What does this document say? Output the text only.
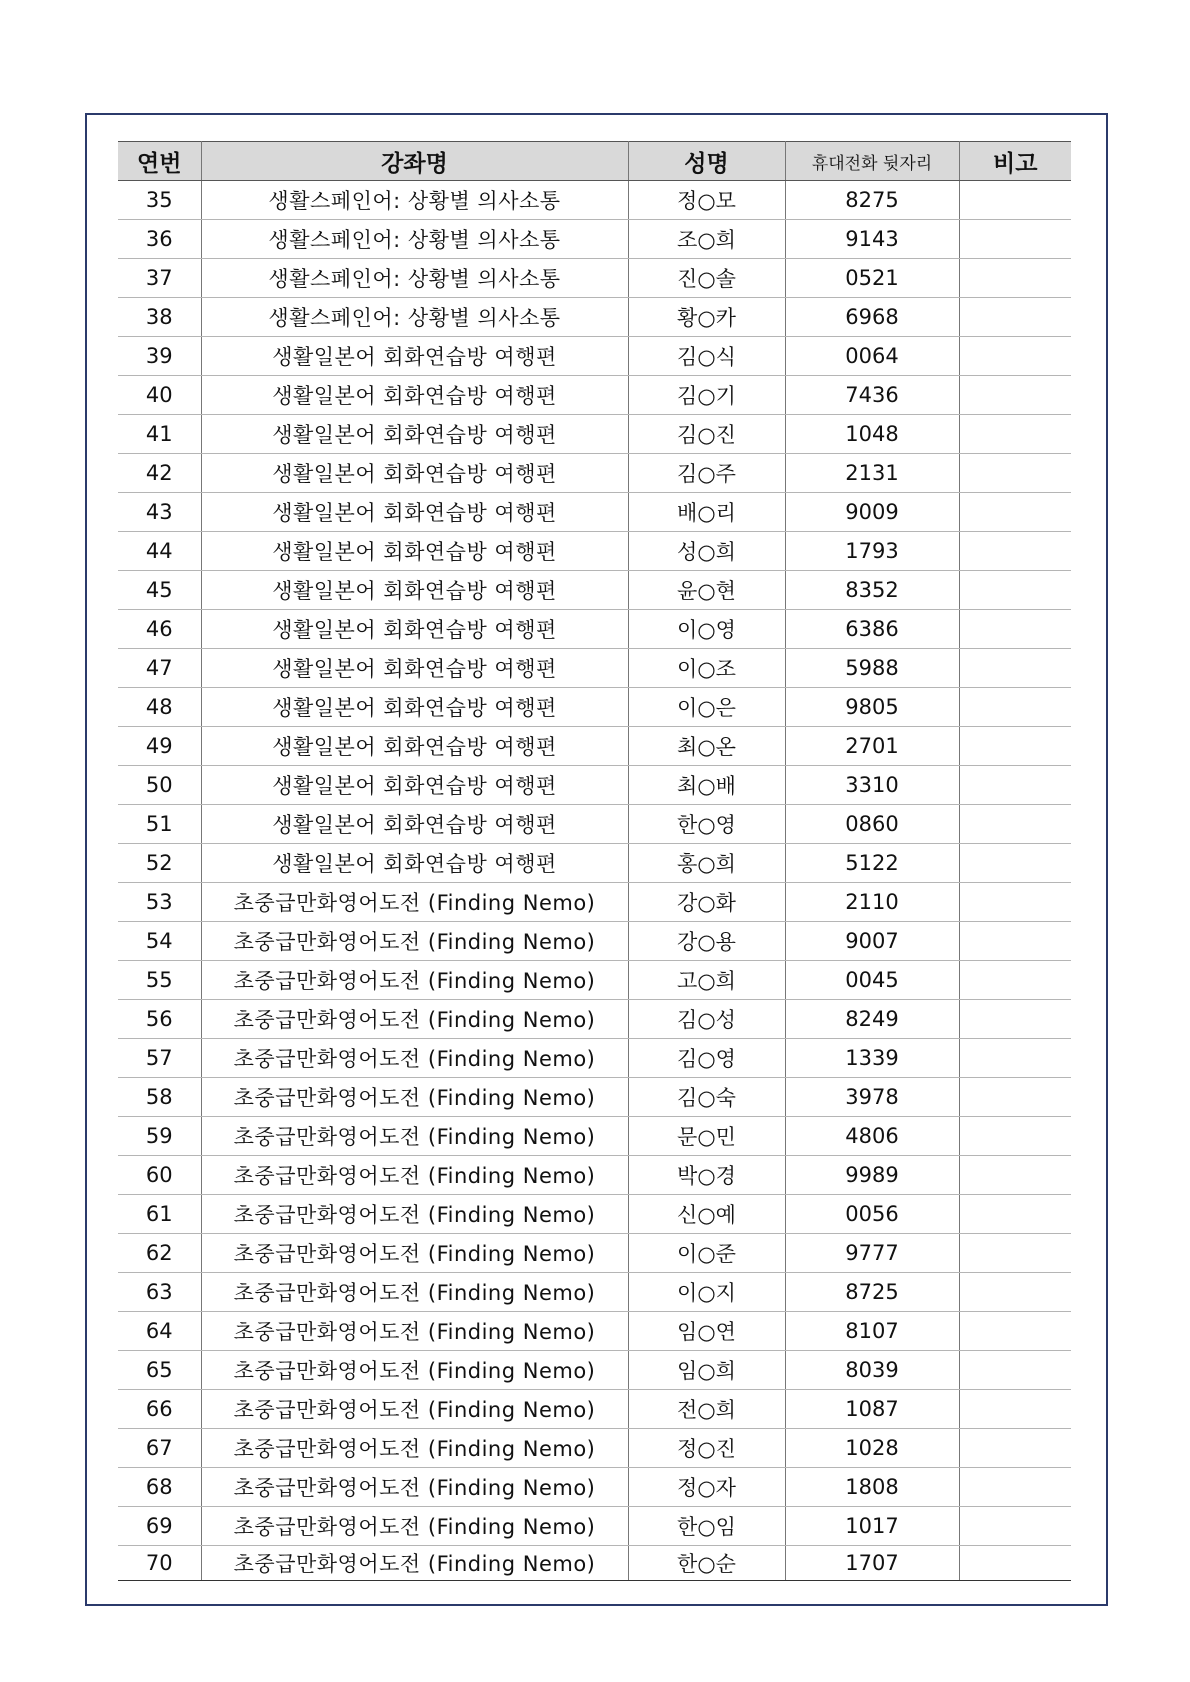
연번	강좌명	성명	휴대전화 뒷자리	비고
35	생활스페인어: 상황별 의사소통	정○모	8275	
36	생활스페인어: 상황별 의사소통	조○희	9143	
37	생활스페인어: 상황별 의사소통	진○솔	0521	
38	생활스페인어: 상황별 의사소통	황○카	6968	
39	생활일본어 회화연습방 여행편	김○식	0064	
40	생활일본어 회화연습방 여행편	김○기	7436	
41	생활일본어 회화연습방 여행편	김○진	1048	
42	생활일본어 회화연습방 여행편	김○주	2131	
43	생활일본어 회화연습방 여행편	배○리	9009	
44	생활일본어 회화연습방 여행편	성○희	1793	
45	생활일본어 회화연습방 여행편	윤○현	8352	
46	생활일본어 회화연습방 여행편	이○영	6386	
47	생활일본어 회화연습방 여행편	이○조	5988	
48	생활일본어 회화연습방 여행편	이○은	9805	
49	생활일본어 회화연습방 여행편	최○온	2701	
50	생활일본어 회화연습방 여행편	최○배	3310	
51	생활일본어 회화연습방 여행편	한○영	0860	
52	생활일본어 회화연습방 여행편	홍○희	5122	
53	초중급만화영어도전 (Finding Nemo)	강○화	2110	
54	초중급만화영어도전 (Finding Nemo)	강○용	9007	
55	초중급만화영어도전 (Finding Nemo)	고○희	0045	
56	초중급만화영어도전 (Finding Nemo)	김○성	8249	
57	초중급만화영어도전 (Finding Nemo)	김○영	1339	
58	초중급만화영어도전 (Finding Nemo)	김○숙	3978	
59	초중급만화영어도전 (Finding Nemo)	문○민	4806	
60	초중급만화영어도전 (Finding Nemo)	박○경	9989	
61	초중급만화영어도전 (Finding Nemo)	신○예	0056	
62	초중급만화영어도전 (Finding Nemo)	이○준	9777	
63	초중급만화영어도전 (Finding Nemo)	이○지	8725	
64	초중급만화영어도전 (Finding Nemo)	임○연	8107	
65	초중급만화영어도전 (Finding Nemo)	임○희	8039	
66	초중급만화영어도전 (Finding Nemo)	전○희	1087	
67	초중급만화영어도전 (Finding Nemo)	정○진	1028	
68	초중급만화영어도전 (Finding Nemo)	정○자	1808	
69	초중급만화영어도전 (Finding Nemo)	한○임	1017	
70	초중급만화영어도전 (Finding Nemo)	한○순	1707	
